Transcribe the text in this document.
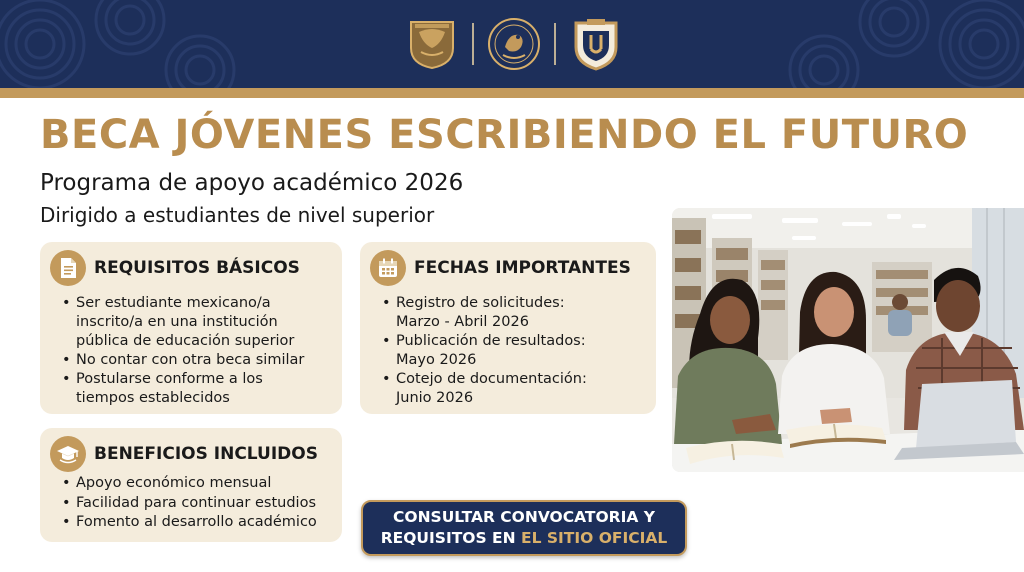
BECA JÓVENES ESCRIBIENDO EL FUTURO
Programa de apoyo académico 2026
Dirigido a estudiantes de nivel superior
REQUISITOS BÁSICOS
• Ser estudiante mexicano/a inscrito/a en una institución pública de educación superior
• No contar con otra beca similar
• Postularse conforme a los tiempos establecidos
FECHAS IMPORTANTES
• Registro de solicitudes: Marzo - Abril 2026
• Publicación de resultados: Mayo 2026
• Cotejo de documentación: Junio 2026
BENEFICIOS INCLUIDOS
• Apoyo económico mensual
• Facilidad para continuar estudios
• Fomento al desarrollo académico	CONSULTAR CONVOCATORIA Y
REQUISITOS EN EL SITIO OFICIAL
